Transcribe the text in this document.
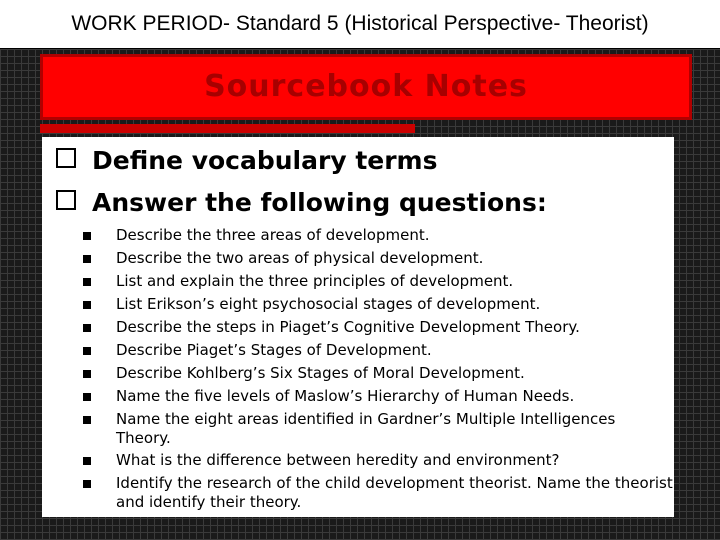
WORK PERIOD- Standard 5 (Historical Perspective- Theorist)
Sourcebook Notes
Define vocabulary terms
Answer the following questions:
Describe the three areas of development.
Describe the two areas of physical development.
List and explain the three principles of development.
List Erikson’s eight psychosocial stages of development.
Describe the steps in Piaget’s Cognitive Development Theory.
Describe Piaget’s Stages of Development.
Describe Kohlberg’s Six Stages of Moral Development.
Name the five levels of Maslow’s Hierarchy of Human Needs.
Name the eight areas identified in Gardner’s Multiple Intelligences Theory.
What is the difference between heredity and environment?
Identify the research of the child development theorist. Name the theorist and identify their theory.
